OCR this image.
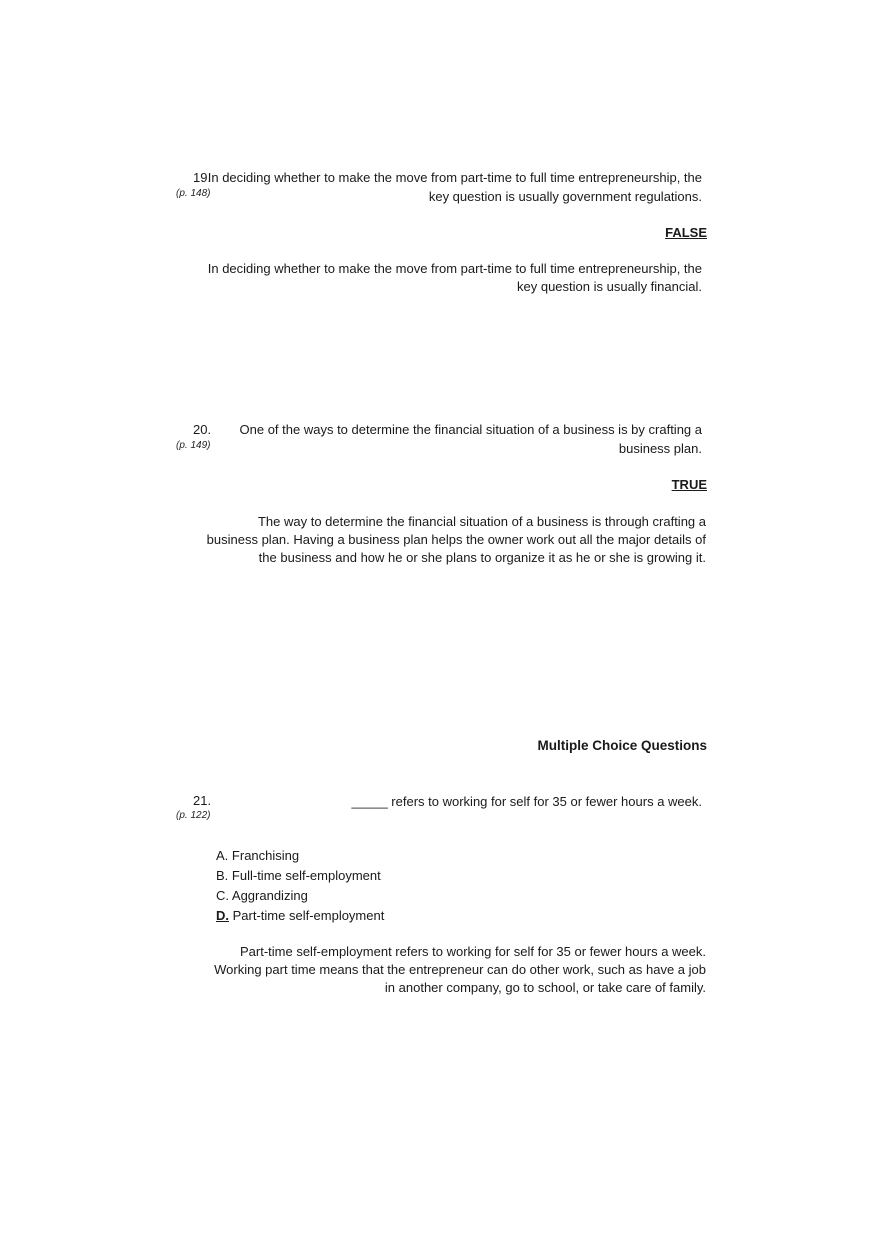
19.
(p. 148)
In deciding whether to make the move from part-time to full time entrepreneurship, the
key question is usually government regulations.
FALSE
In deciding whether to make the move from part-time to full time entrepreneurship, the
key question is usually financial.
20.
(p. 149)
One of the ways to determine the financial situation of a business is by crafting a
business plan.
TRUE
The way to determine the financial situation of a business is through crafting a
business plan. Having a business plan helps the owner work out all the major details of
the business and how he or she plans to organize it as he or she is growing it.
Multiple Choice Questions
21.
(p. 122)
_____ refers to working for self for 35 or fewer hours a week.
A. Franchising
B. Full-time self-employment
C. Aggrandizing
D. Part-time self-employment
Part-time self-employment refers to working for self for 35 or fewer hours a week.
Working part time means that the entrepreneur can do other work, such as have a job
in another company, go to school, or take care of family.
